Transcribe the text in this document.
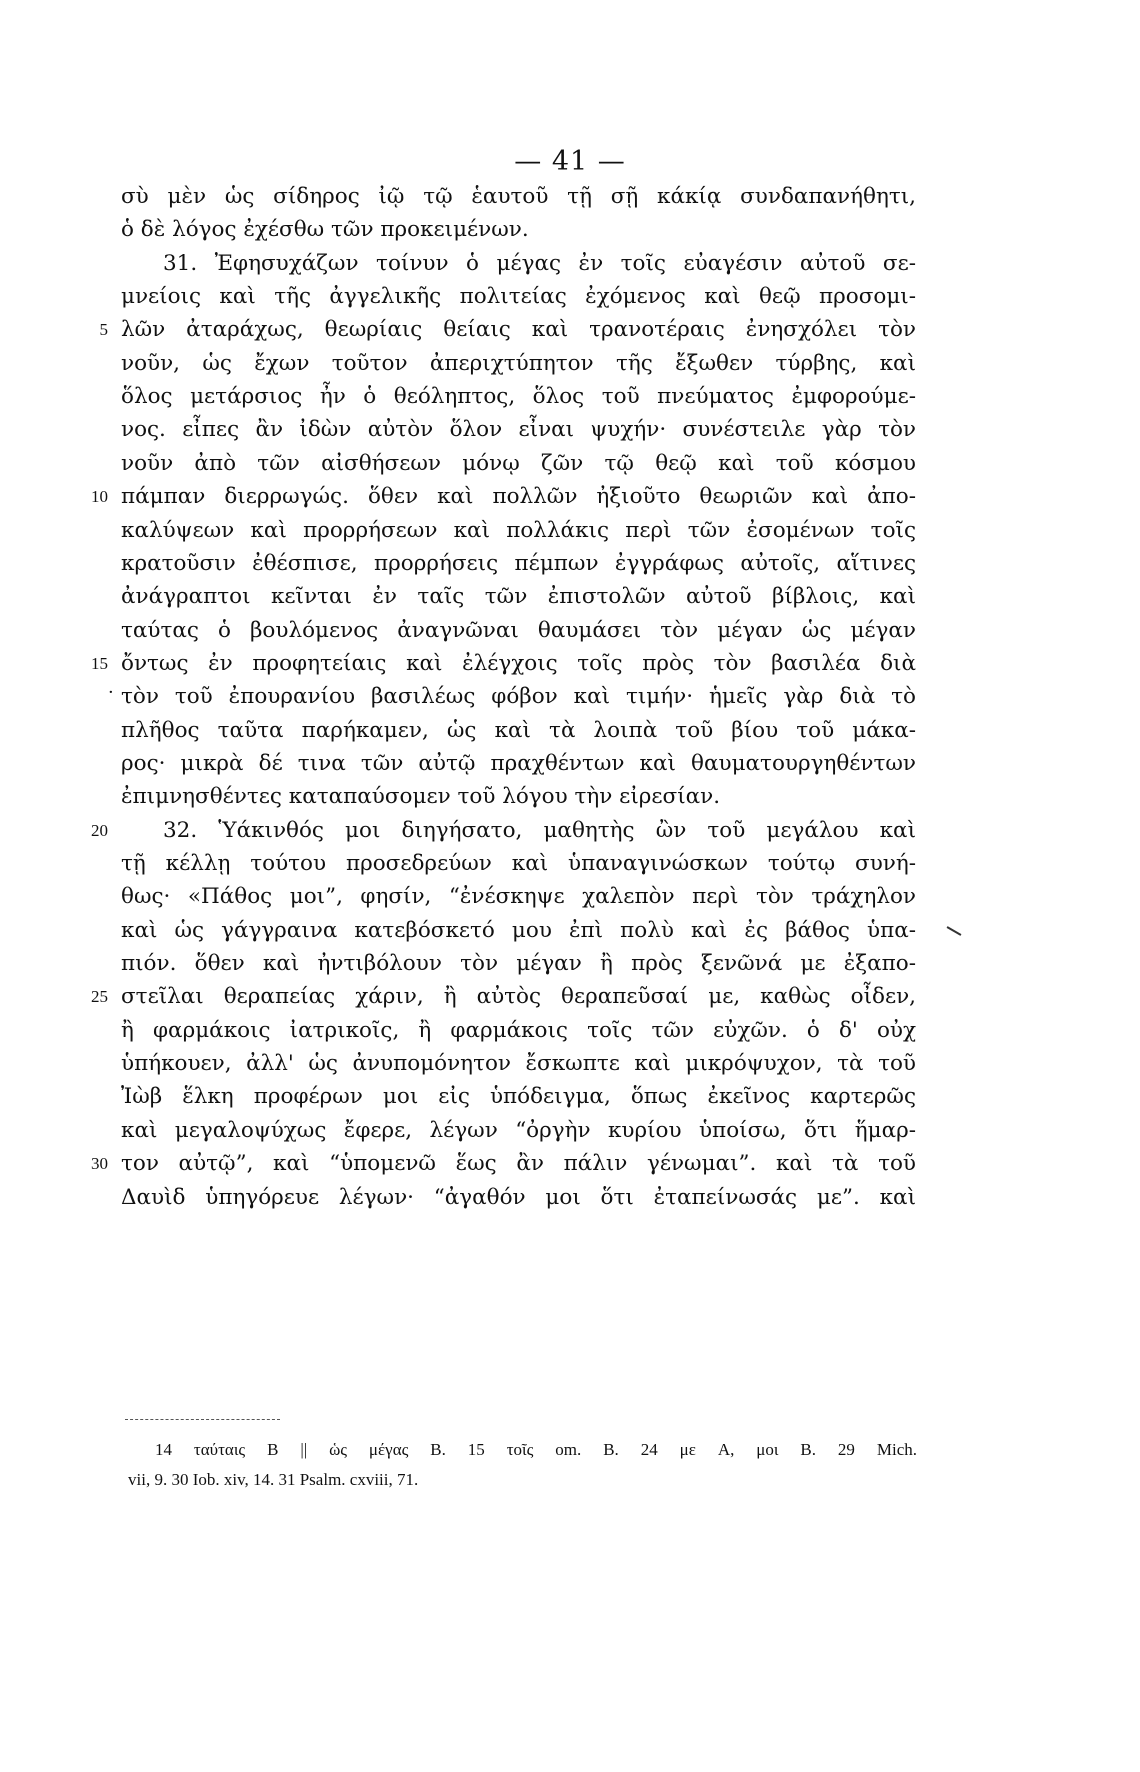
— 41 —
σὺ μὲν ὡς σίδηρος ἰῷ τῷ ἑαυτοῦ τῇ σῇ κάκίᾳ συνδαπανήθητι,
ὁ δὲ λόγος ἐχέσθω τῶν προκειμένων.
31. Ἐφησυχάζων τοίνυν ὁ μέγας ἐν τοῖς εὐαγέσιν αὐτοῦ σε-
μνείοις καὶ τῆς ἀγγελικῆς πολιτείας ἐχόμενος καὶ θεῷ προσομι-
λῶν ἀταράχως, θεωρίαις θείαις καὶ τρανοτέραις ἐνησχόλει τὸν
5
νοῦν, ὡς ἔχων τοῦτον ἀπεριχτύπητον τῆς ἔξωθεν τύρβης, καὶ
ὅλος μετάρσιος ἦν ὁ θεόληπτος, ὅλος τοῦ πνεύματος ἐμφορούμε-
νος. εἶπες ἂν ἰδὼν αὐτὸν ὅλον εἶναι ψυχήν· συνέστειλε γὰρ τὸν
νοῦν ἀπὸ τῶν αἰσθήσεων μόνῳ ζῶν τῷ θεῷ καὶ τοῦ κόσμου
πάμπαν διερρωγώς. ὅθεν καὶ πολλῶν ἠξιοῦτο θεωριῶν καὶ ἀπο-
10
καλύψεων καὶ προρρήσεων καὶ πολλάκις περὶ τῶν ἐσομένων τοῖς
κρατοῦσιν ἐθέσπισε, προρρήσεις πέμπων ἐγγράφως αὐτοῖς, αἵτινες
ἀνάγραπτοι κεῖνται ἐν ταῖς τῶν ἐπιστολῶν αὐτοῦ βίβλοις, καὶ
ταύτας ὁ βουλόμενος ἀναγνῶναι θαυμάσει τὸν μέγαν ὡς μέγαν
ὄντως ἐν προφητείαις καὶ ἐλέγχοις τοῖς πρὸς τὸν βασιλέα διὰ
15
τὸν τοῦ ἐπουρανίου βασιλέως φόβον καὶ τιμήν· ἡμεῖς γὰρ διὰ τὸ
πλῆθος ταῦτα παρήκαμεν, ὡς καὶ τὰ λοιπὰ τοῦ βίου τοῦ μάκα-
ρος· μικρὰ δέ τινα τῶν αὐτῷ πραχθέντων καὶ θαυματουργηθέντων
ἐπιμνησθέντες καταπαύσομεν τοῦ λόγου τὴν εἰρεσίαν.
32. Ὑάκινθός μοι διηγήσατο, μαθητὴς ὢν τοῦ μεγάλου καὶ
20
τῇ κέλλῃ τούτου προσεδρεύων καὶ ὑπαναγινώσκων τούτῳ συνή-
θως· «Πάθος μοι”, φησίν, “ἐνέσκηψε χαλεπὸν περὶ τὸν τράχηλον
καὶ ὡς γάγγραινα κατεβόσκετό μου ἐπὶ πολὺ καὶ ἐς βάθος ὑπα-
πιόν. ὅθεν καὶ ἠντιβόλουν τὸν μέγαν ἢ πρὸς ξενῶνά με ἐξαπο-
στεῖλαι θεραπείας χάριν, ἢ αὐτὸς θεραπεῦσαί με, καθὼς οἶδεν,
25
ἢ φαρμάκοις ἰατρικοῖς, ἢ φαρμάκοις τοῖς τῶν εὐχῶν. ὁ δ' οὐχ
ὑπήκουεν, ἀλλ' ὡς ἀνυπομόνητον ἔσκωπτε καὶ μικρόψυχον, τὰ τοῦ
Ἰὼβ ἕλκη προφέρων μοι εἰς ὑπόδειγμα, ὅπως ἐκεῖνος καρτερῶς
καὶ μεγαλοψύχως ἔφερε, λέγων “ὀργὴν κυρίου ὑποίσω, ὅτι ἥμαρ-
τον αὐτῷ”, καὶ “ὑπομενῶ ἕως ἂν πάλιν γένωμαι”. καὶ τὰ τοῦ
30
Δαυὶδ ὑπηγόρευε λέγων· “ἀγαθόν μοι ὅτι ἐταπείνωσάς με”. καὶ
·
14 ταύταις B || ὡς μέγας B. 15 τοῖς om. B. 24 με A, μοι B. 29 Mich.
vii, 9. 30 Iob. xiv, 14. 31 Psalm. cxviii, 71.
